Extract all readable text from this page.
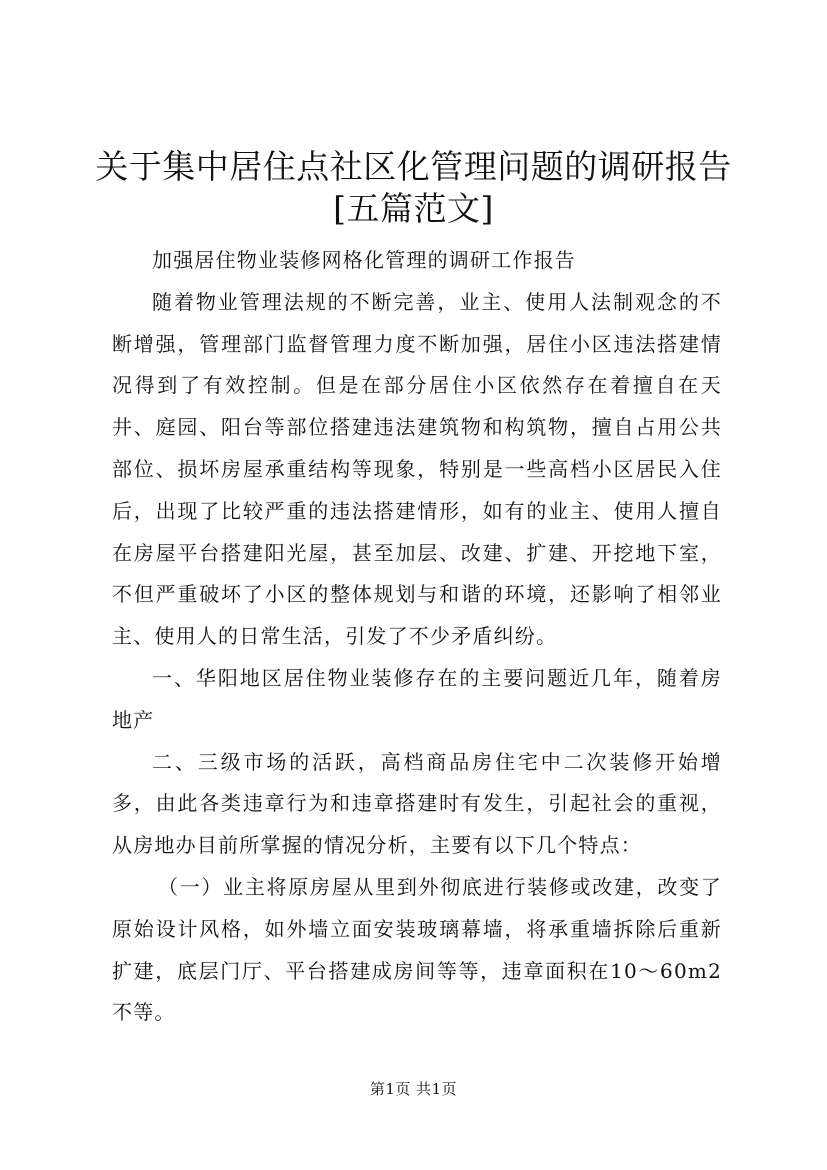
关于集中居住点社区化管理问题的调研报告
[五篇范文]

加强居住物业装修网格化管理的调研工作报告

随着物业管理法规的不断完善，业主、使用人法制观念的不断增强，管理部门监督管理力度不断加强，居住小区违法搭建情况得到了有效控制。但是在部分居住小区依然存在着擅自在天井、庭园、阳台等部位搭建违法建筑物和构筑物，擅自占用公共部位、损坏房屋承重结构等现象，特别是一些高档小区居民入住后，出现了比较严重的违法搭建情形，如有的业主、使用人擅自在房屋平台搭建阳光屋，甚至加层、改建、扩建、开挖地下室，不但严重破坏了小区的整体规划与和谐的环境，还影响了相邻业主、使用人的日常生活，引发了不少矛盾纠纷。

一、华阳地区居住物业装修存在的主要问题近几年，随着房地产

二、三级市场的活跃，高档商品房住宅中二次装修开始增多，由此各类违章行为和违章搭建时有发生，引起社会的重视，从房地办目前所掌握的情况分析，主要有以下几个特点：

（一）业主将原房屋从里到外彻底进行装修或改建，改变了原始设计风格，如外墙立面安装玻璃幕墙，将承重墙拆除后重新扩建，底层门厅、平台搭建成房间等等，违章面积在10～60m2不等。

第1页 共1页
